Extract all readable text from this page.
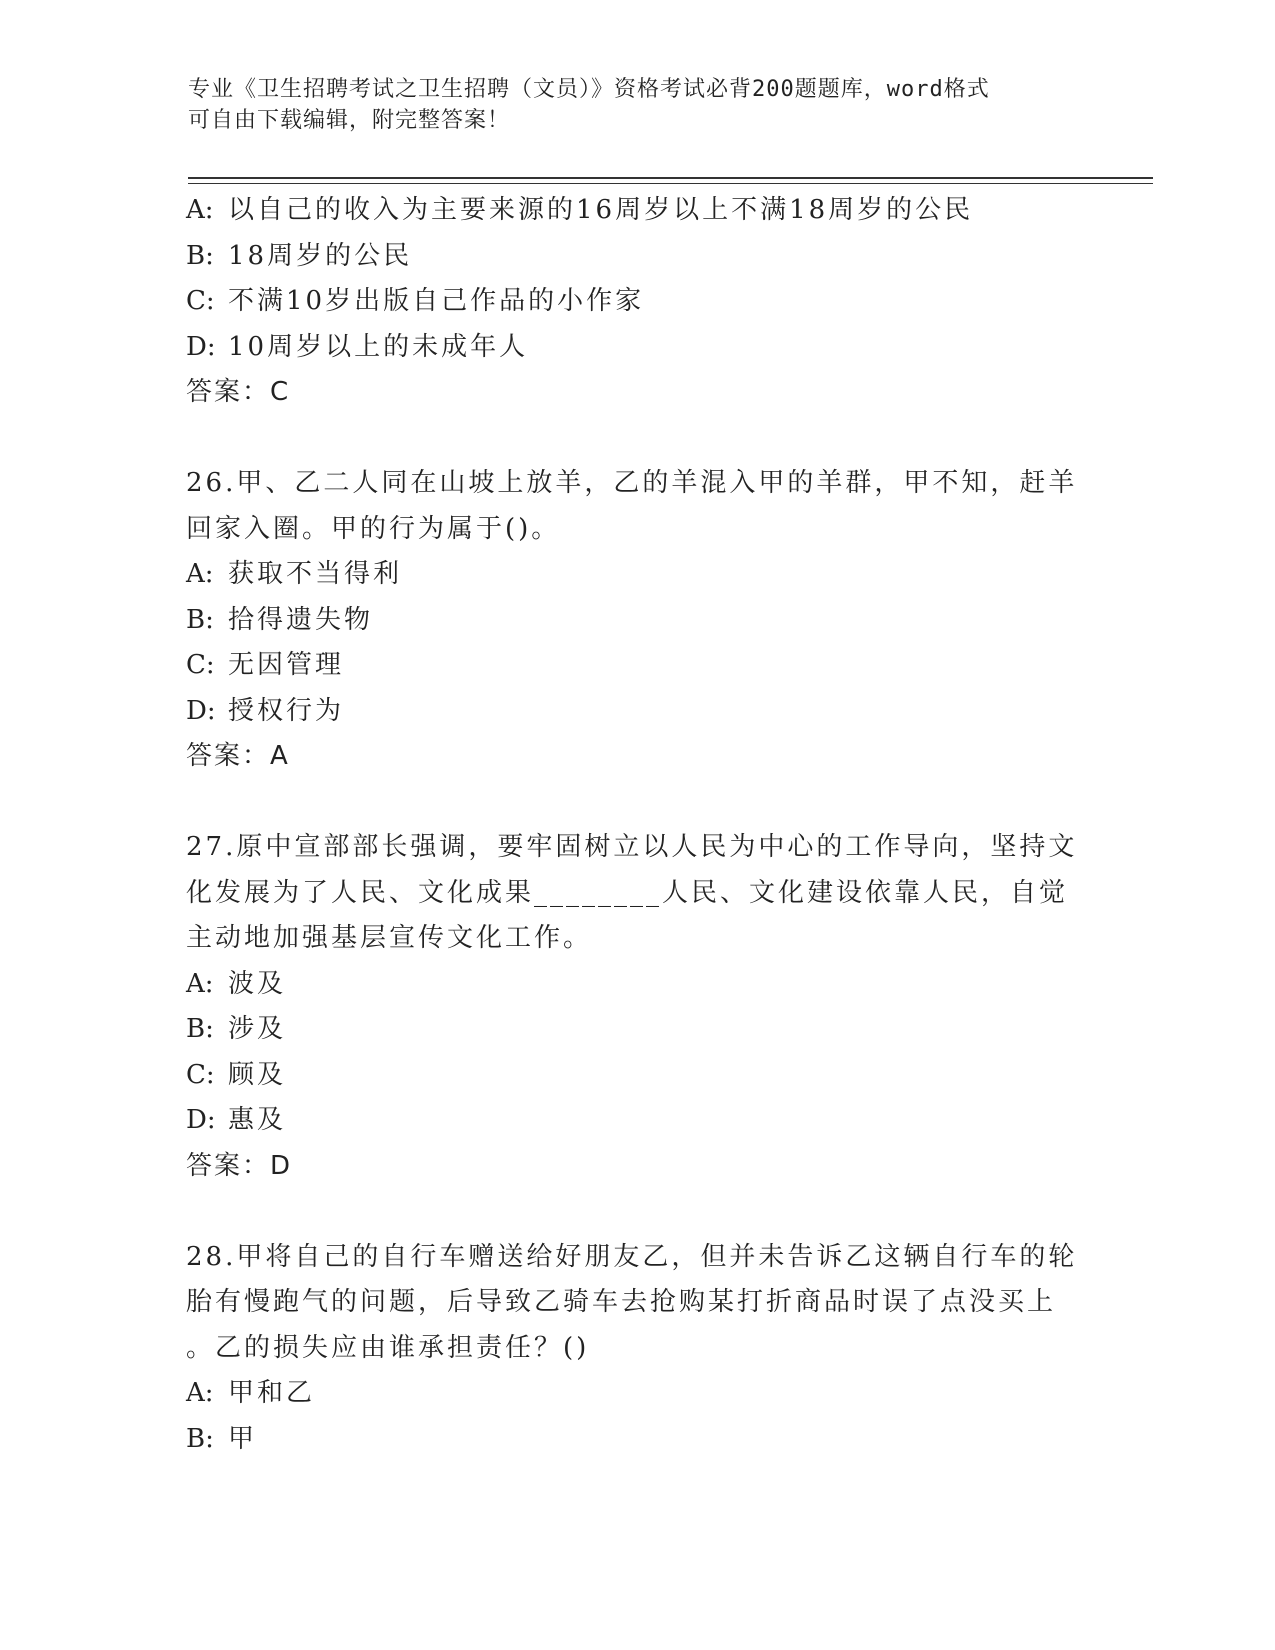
专业《卫生招聘考试之卫生招聘（文员）》资格考试必背200题题库，word格式
可自由下载编辑，附完整答案！
A: 以自己的收入为主要来源的16周岁以上不满18周岁的公民
B: 18周岁的公民
C: 不满10岁出版自己作品的小作家
D: 10周岁以上的未成年人
答案：C
26.甲、乙二人同在山坡上放羊，乙的羊混入甲的羊群，甲不知，赶羊
回家入圈。甲的行为属于()。
A: 获取不当得利
B: 拾得遗失物
C: 无因管理
D: 授权行为
答案：A
27.原中宣部部长强调，要牢固树立以人民为中心的工作导向，坚持文
化发展为了人民、文化成果________人民、文化建设依靠人民，自觉
主动地加强基层宣传文化工作。
A: 波及
B: 涉及
C: 顾及
D: 惠及
答案：D
28.甲将自己的自行车赠送给好朋友乙，但并未告诉乙这辆自行车的轮
胎有慢跑气的问题，后导致乙骑车去抢购某打折商品时误了点没买上
。乙的损失应由谁承担责任？()
A: 甲和乙
B: 甲
